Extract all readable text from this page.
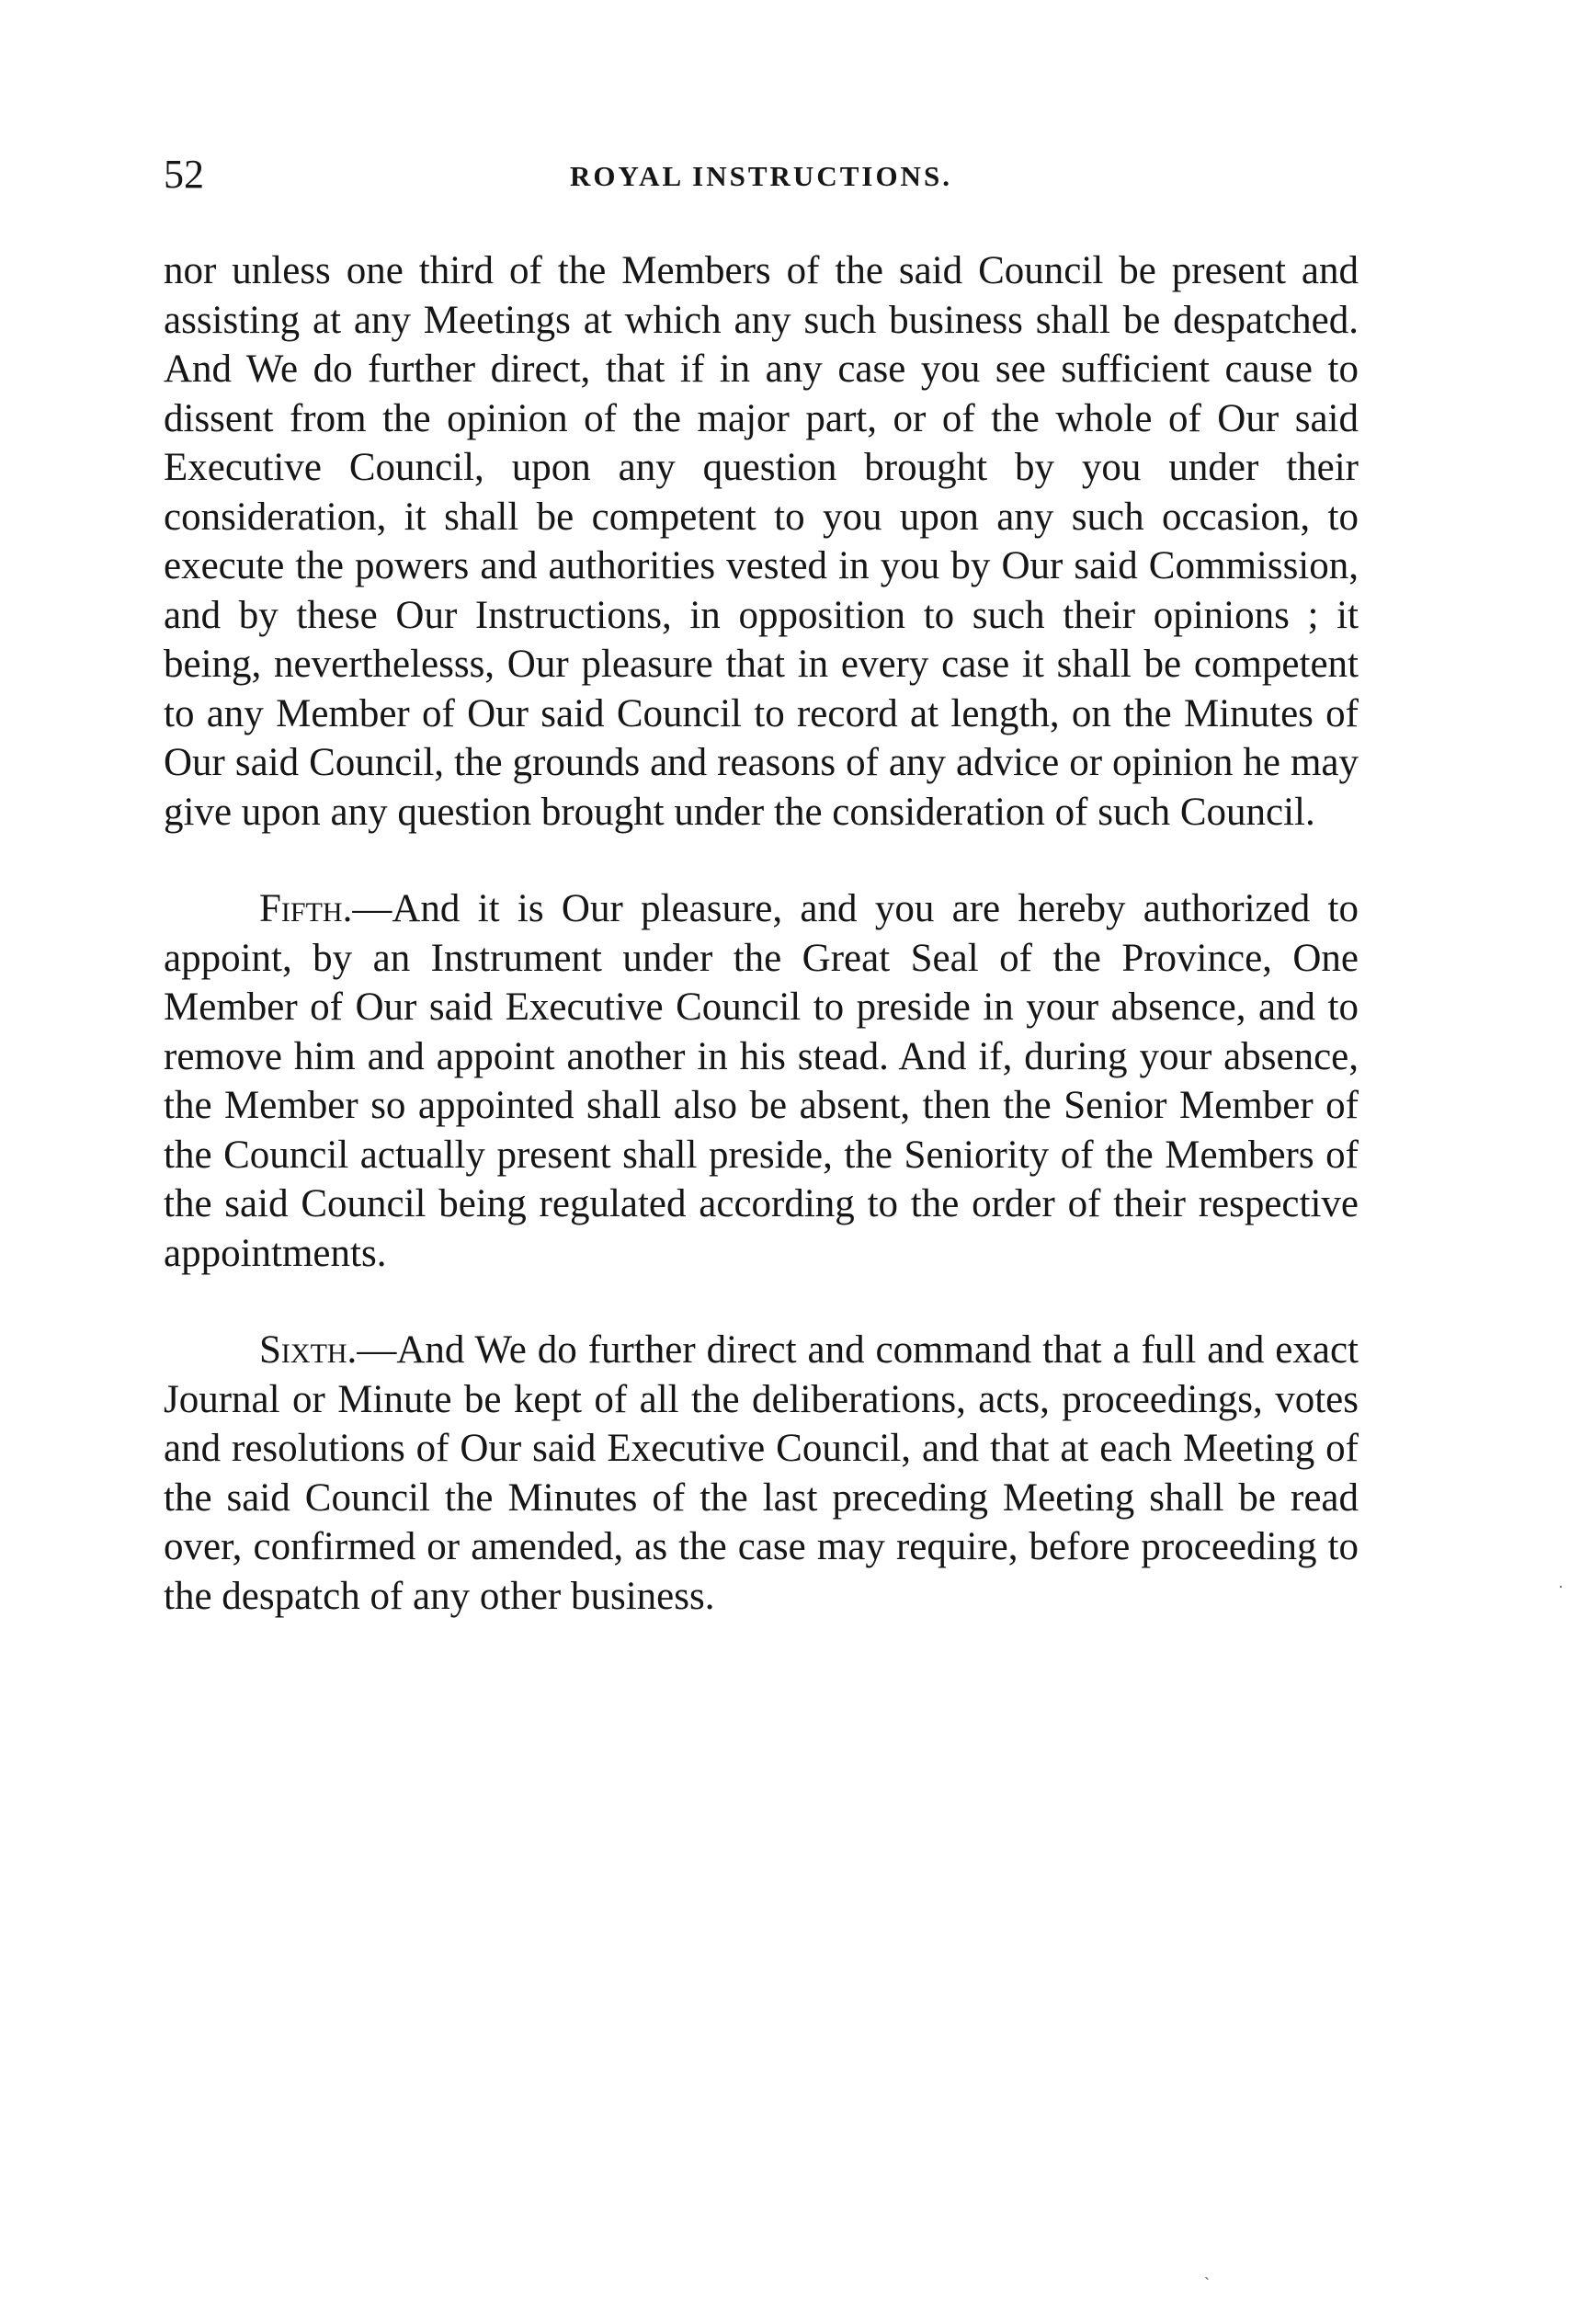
52	ROYAL INSTRUCTIONS.

nor unless one third of the Members of the said Council be present and assisting at any Meetings at which any such business shall be despatched. And We do further direct, that if in any case you see sufficient cause to dissent from the opinion of the major part, or of the whole of Our said Executive Council, upon any question brought by you under their consideration, it shall be competent to you upon any such occasion, to execute the powers and authorities vested in you by Our said Commission, and by these Our Instructions, in opposition to such their opinions ; it being, neverthelesss, Our pleasure that in every case it shall be competent to any Member of Our said Council to record at length, on the Minutes of Our said Council, the grounds and reasons of any advice or opinion he may give upon any question brought under the consideration of such Council.

Fifth.—And it is Our pleasure, and you are hereby authorized to appoint, by an Instrument under the Great Seal of the Province, One Member of Our said Executive Council to preside in your absence, and to remove him and appoint another in his stead. And if, during your absence, the Member so appointed shall also be absent, then the Senior Member of the Council actually present shall preside, the Seniority of the Members of the said Council being regulated according to the order of their respective appointments.

Sixth.—And We do further direct and command that a full and exact Journal or Minute be kept of all the deliberations, acts, proceedings, votes and resolutions of Our said Executive Council, and that at each Meeting of the said Council the Minutes of the last preceding Meeting shall be read over, confirmed or amended, as the case may require, before proceeding to the despatch of any other business.	·
`
